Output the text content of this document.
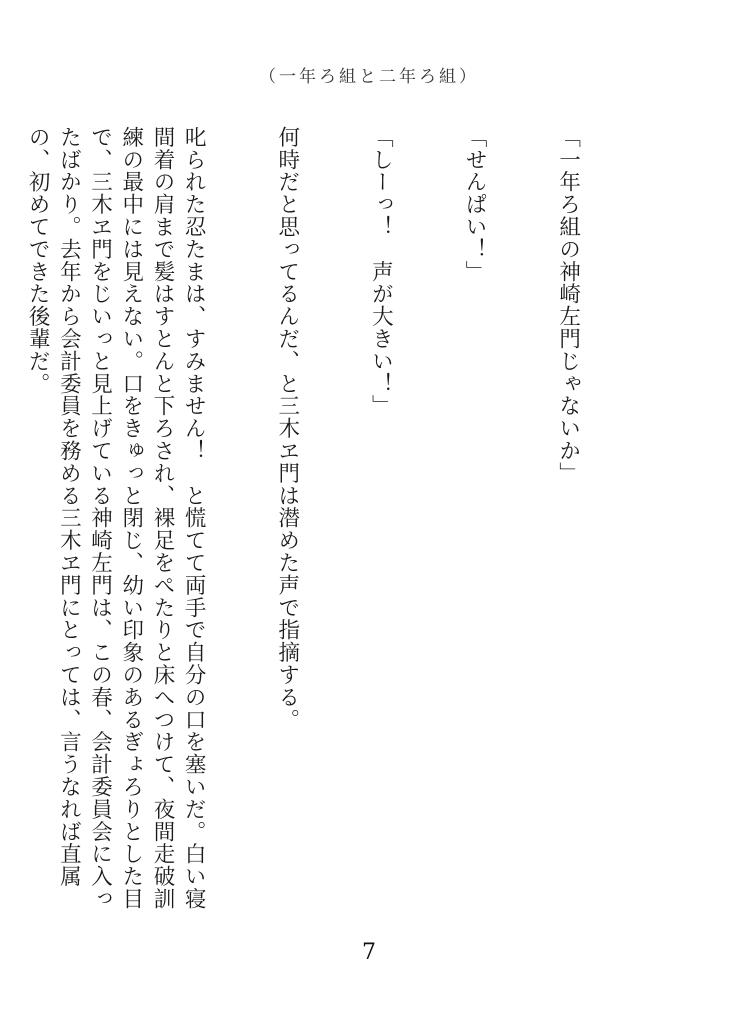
（一年ろ組と二年ろ組）

「一年ろ組の神崎左門じゃないか」

「せんぱい！」

「しーっ！　声が大きい！」

何時だと思ってるんだ、と三木ヱ門は潜めた声で指摘する。

叱られた忍たまは、すみません！　と慌てて両手で自分の口を塞いだ。白い寝間着の肩まで髪はすとんと下ろされ、裸足をぺたりと床へつけて、夜間走破訓練の最中には見えない。口をきゅっと閉じ、幼い印象のあるぎょろりとした目で、三木ヱ門をじいっと見上げている神崎左門は、この春、会計委員会に入ったばかり。去年から会計委員を務める三木ヱ門にとっては、言うなれば直属の、初めてできた後輩だ。

7
